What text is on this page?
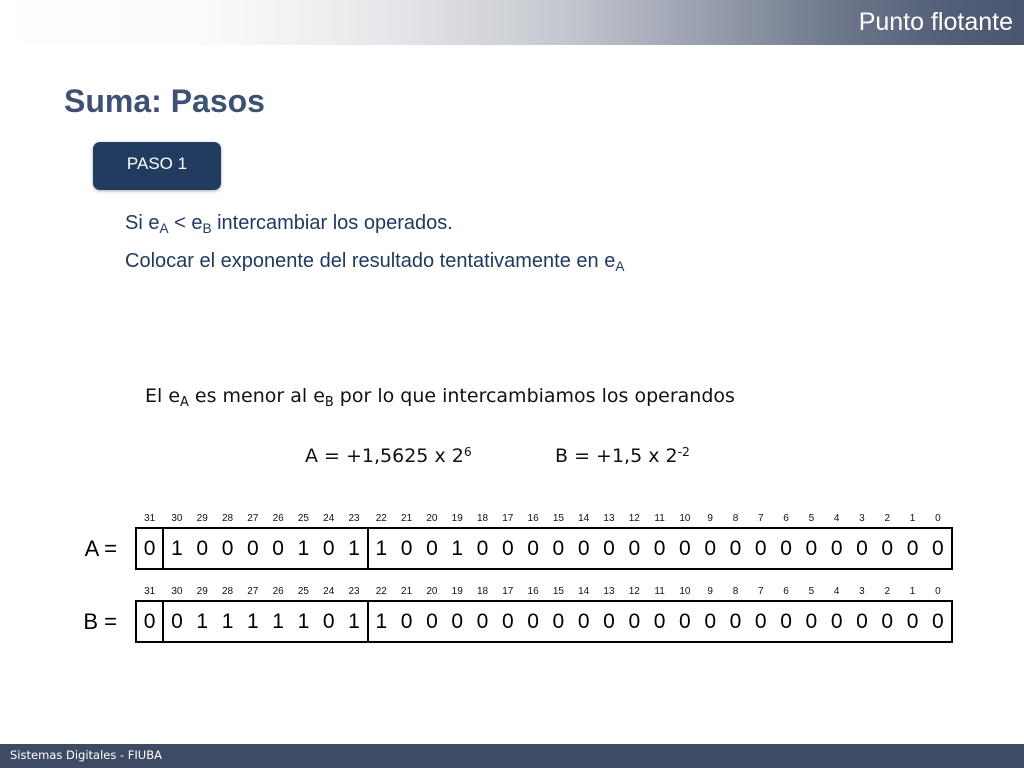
Punto flotante
Suma: Pasos
PASO 1

Si $e_A < e_B$ intercambiar los operados.

Colocar el exponente del resultado tentativamente en $e_A$

El $e_A$ es menor al $e_B$ por lo que intercambiamos los operandos

A = +1,5625 x $2^6$	B = +1,5 x $2^{-2}$

31	30	29	28	27	26	25	24	23	22	21	20	19	18	17	16	15	14	13	12	11	10	9	8	7	6	5	4	3	2	1	0
A =	0 1 0 0 0 0 1 0 1 1 0 0 1 0 0 0 0 0 0 0 0 0 0 0 0 0 0 0 0 0 0 0
31	30	29	28	27	26	25	24	23	22	21	20	19	18	17	16	15	14	13	12	11	10	9	8	7	6	5	4	3	2	1	0
B =	0 0 1 1 1 1 1 0 1 1 0 0 0 0 0 0 0 0 0 0 0 0 0 0 0 0 0 0 0 0 0 0
Sistemas Digitales - FIUBA
